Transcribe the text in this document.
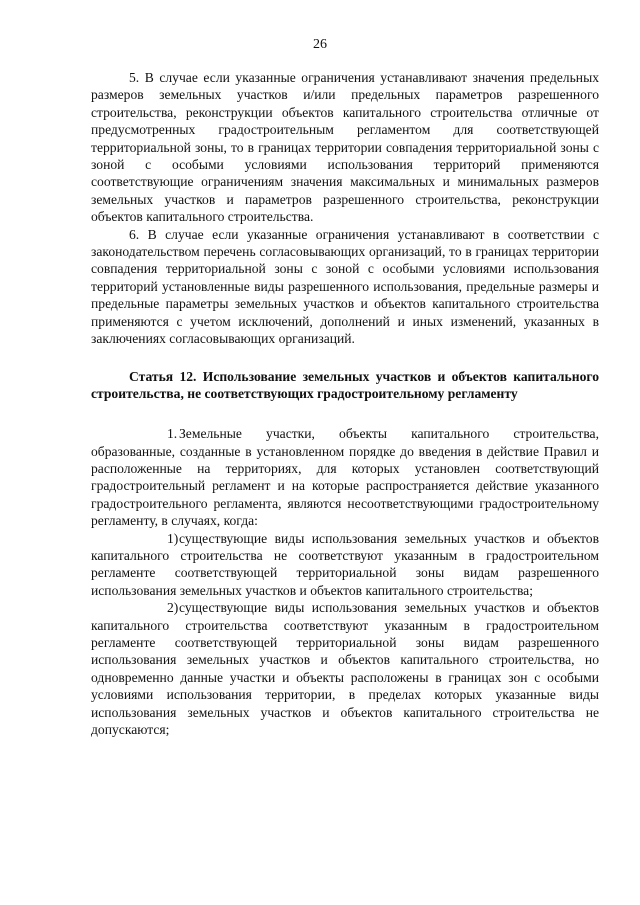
26

5. В случае если указанные ограничения устанавливают значения предельных размеров земельных участков и/или предельных параметров разрешенного строительства, реконструкции объектов капитального строительства отличные от предусмотренных градостроительным регламентом для соответствующей территориальной зоны, то в границах территории совпадения территориальной зоны с зоной с особыми условиями использования территорий применяются соответствующие ограничениям значения максимальных и минимальных размеров земельных участков и параметров разрешенного строительства, реконструкции объектов капитального строительства.

6. В случае если указанные ограничения устанавливают в соответствии с законодательством перечень согласовывающих организаций, то в границах территории совпадения территориальной зоны с зоной с особыми условиями использования территорий установленные виды разрешенного использования, предельные размеры и предельные параметры земельных участков и объектов капитального строительства применяются с учетом исключений, дополнений и иных изменений, указанных в заключениях согласовывающих организаций.

Статья 12. Использование земельных участков и объектов капитального строительства, не соответствующих градостроительному регламенту

1. Земельные участки, объекты капитального строительства, образованные, созданные в установленном порядке до введения в действие Правил и расположенные на территориях, для которых установлен соответствующий градостроительный регламент и на которые распространяется действие указанного градостроительного регламента, являются несоответствующими градостроительному регламенту, в случаях, когда:

1)существующие виды использования земельных участков и объектов капитального строительства не соответствуют указанным в градостроительном регламенте соответствующей территориальной зоны видам разрешенного использования земельных участков и объектов капитального строительства;

2)существующие виды использования земельных участков и объектов капитального строительства соответствуют указанным в градостроительном регламенте соответствующей территориальной зоны видам разрешенного использования земельных участков и объектов капитального строительства, но одновременно данные участки и объекты расположены в границах зон с особыми условиями использования территории, в пределах которых указанные виды использования земельных участков и объектов капитального строительства не допускаются;
